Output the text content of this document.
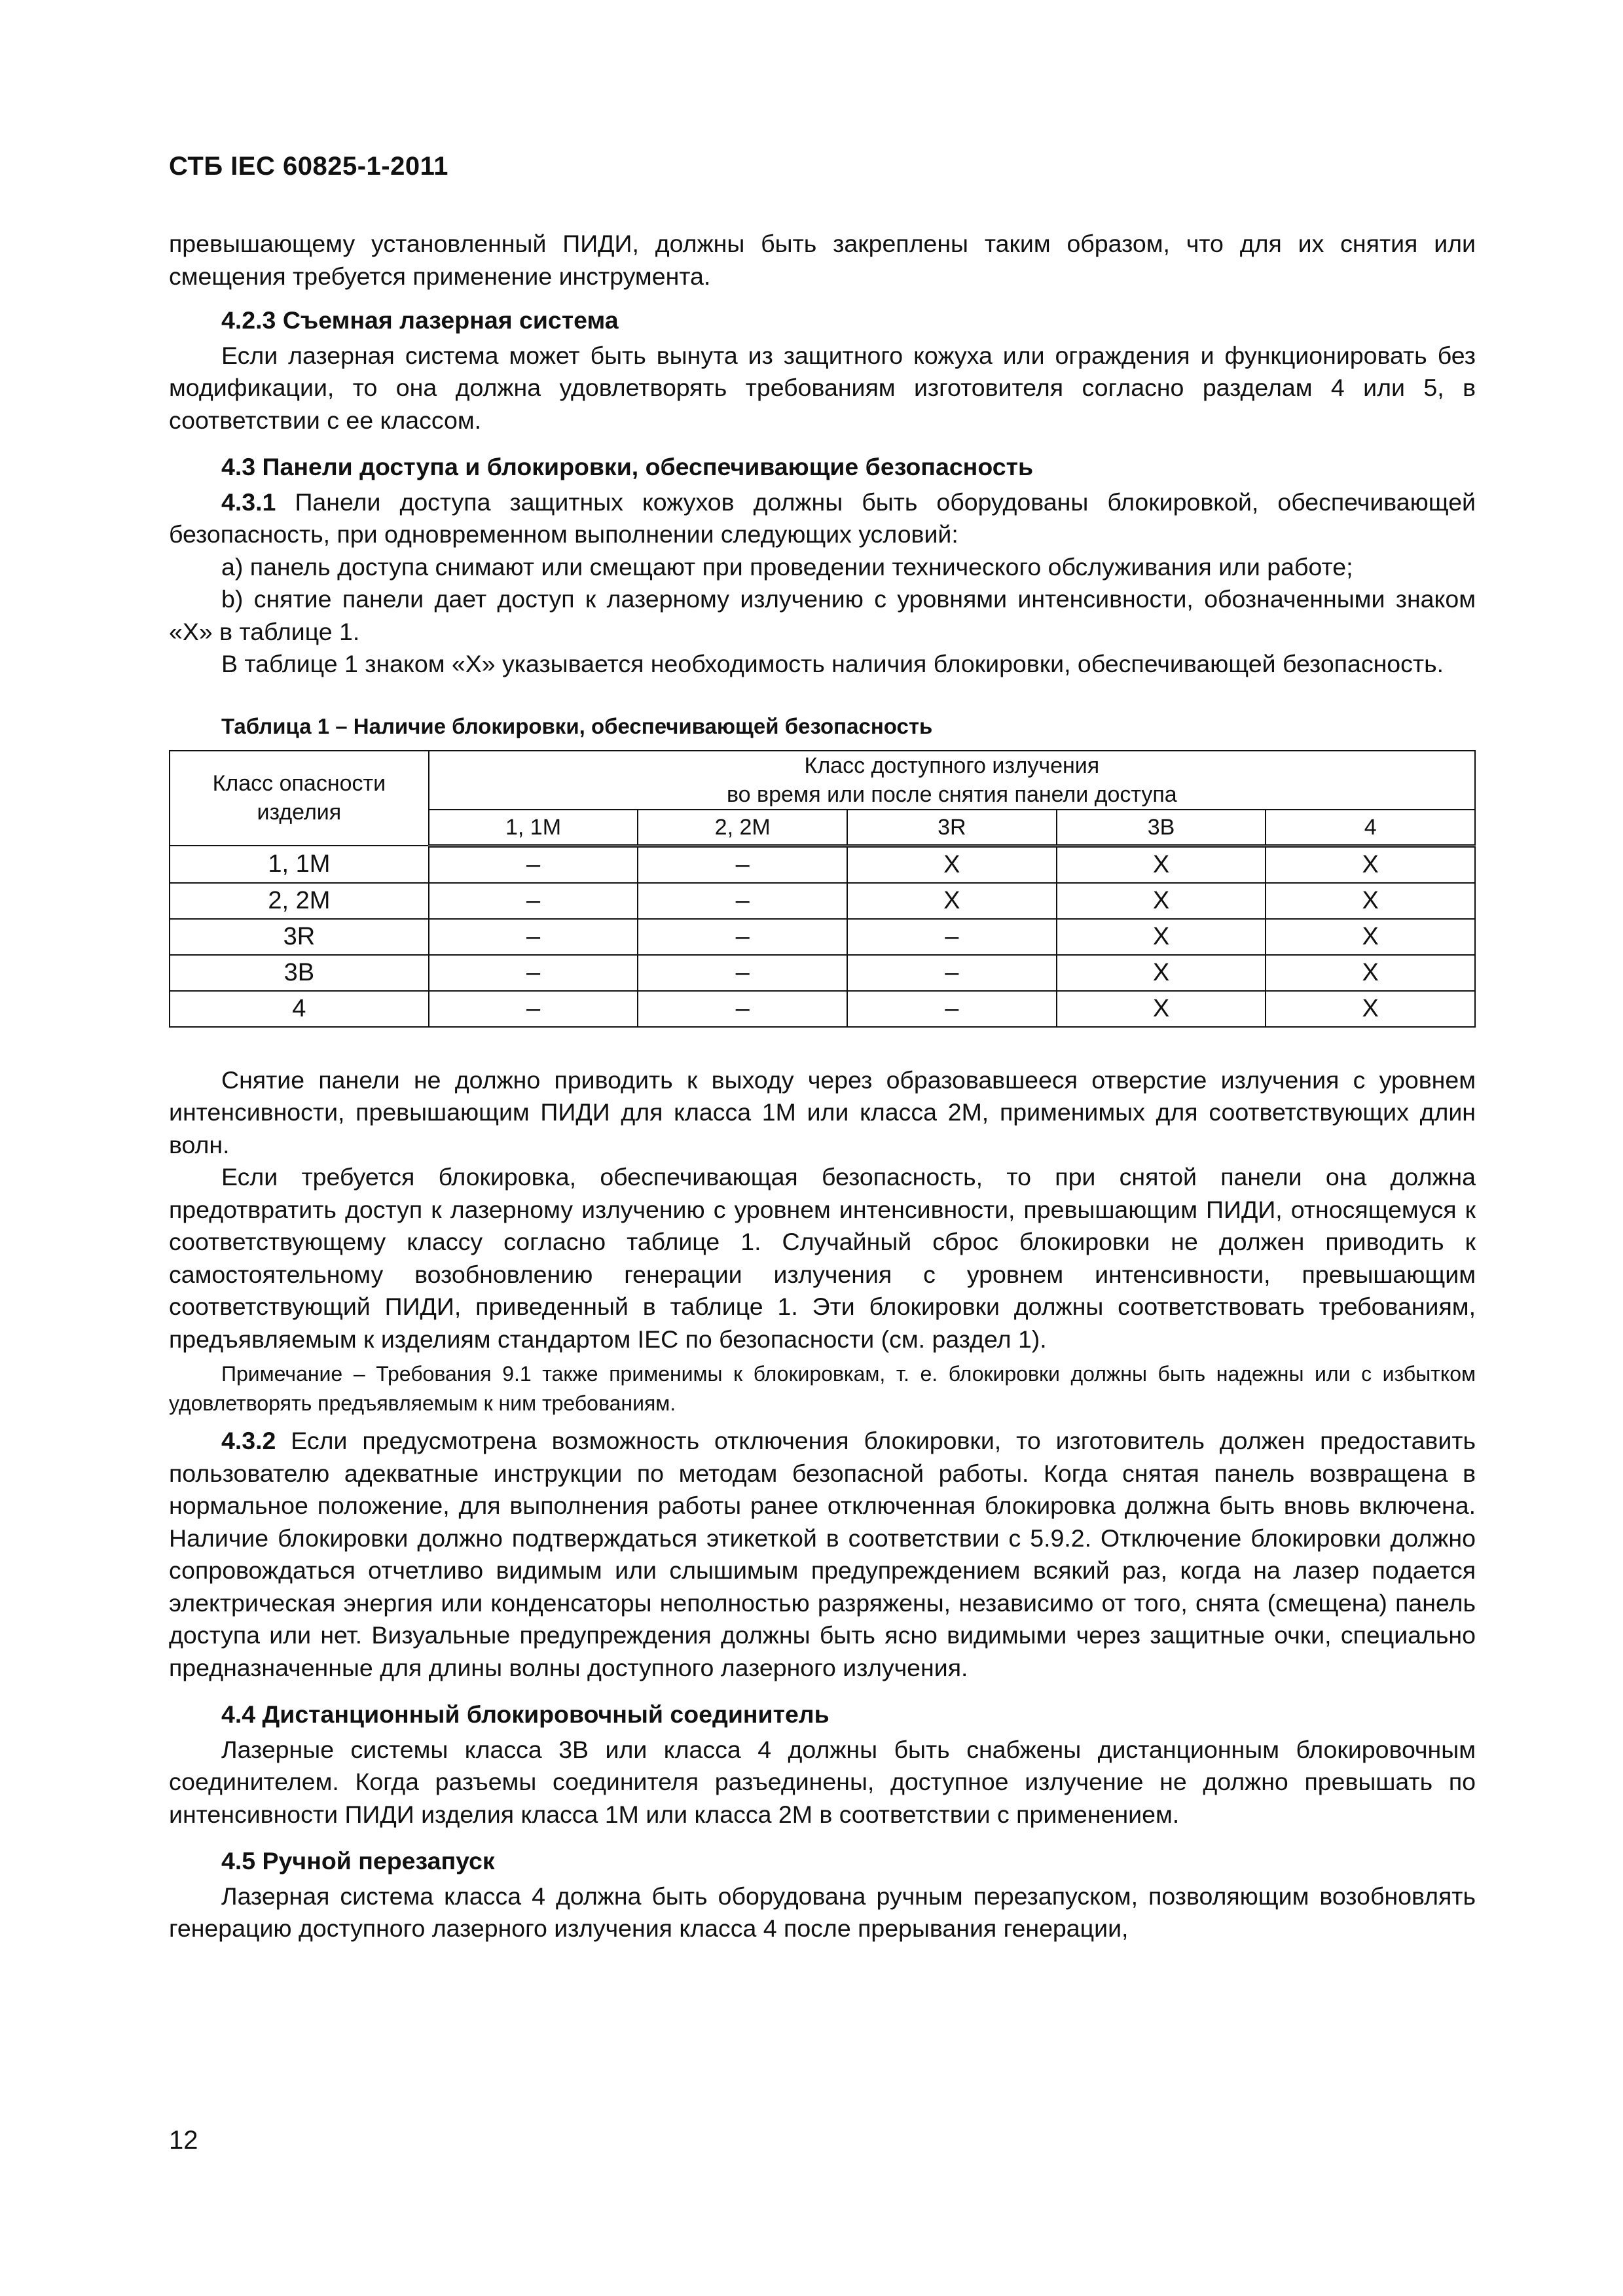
СТБ IEC 60825-1-2011

превышающему установленный ПИДИ, должны быть закреплены таким образом, что для их снятия или смещения требуется применение инструмента.

4.2.3 Съемная лазерная система

Если лазерная система может быть вынута из защитного кожуха или ограждения и функционировать без модификации, то она должна удовлетворять требованиям изготовителя согласно разделам 4 или 5, в соответствии с ее классом.

4.3 Панели доступа и блокировки, обеспечивающие безопасность

4.3.1 Панели доступа защитных кожухов должны быть оборудованы блокировкой, обеспечивающей безопасность, при одновременном выполнении следующих условий:

a) панель доступа снимают или смещают при проведении технического обслуживания или работе;

b) снятие панели дает доступ к лазерному излучению с уровнями интенсивности, обозначенными знаком «X» в таблице 1.

В таблице 1 знаком «X» указывается необходимость наличия блокировки, обеспечивающей безопасность.

Таблица 1 – Наличие блокировки, обеспечивающей безопасность
Класс опасности изделия	Класс доступного излучения
во время или после снятия панели доступа				

	1, 1M	2, 2M	3R	3B	4
1, 1M	–	–	X	X	X
2, 2M	–	–	X	X	X
3R	–	–	–	X	X
3B	–	–	–	X	X
4	–	–	–	X	X

Снятие панели не должно приводить к выходу через образовавшееся отверстие излучения с уровнем интенсивности, превышающим ПИДИ для класса 1M или класса 2M, применимых для соответствующих длин волн.

Если требуется блокировка, обеспечивающая безопасность, то при снятой панели она должна предотвратить доступ к лазерному излучению с уровнем интенсивности, превышающим ПИДИ, относящемуся к соответствующему классу согласно таблице 1. Случайный сброс блокировки не должен приводить к самостоятельному возобновлению генерации излучения с уровнем интенсивности, превышающим соответствующий ПИДИ, приведенный в таблице 1. Эти блокировки должны соответствовать требованиям, предъявляемым к изделиям стандартом IEC по безопасности (см. раздел 1).

Примечание – Требования 9.1 также применимы к блокировкам, т. е. блокировки должны быть надежны или с избытком удовлетворять предъявляемым к ним требованиям.

4.3.2 Если предусмотрена возможность отключения блокировки, то изготовитель должен предоставить пользователю адекватные инструкции по методам безопасной работы. Когда снятая панель возвращена в нормальное положение, для выполнения работы ранее отключенная блокировка должна быть вновь включена. Наличие блокировки должно подтверждаться этикеткой в соответствии с 5.9.2. Отключение блокировки должно сопровождаться отчетливо видимым или слышимым предупреждением всякий раз, когда на лазер подается электрическая энергия или конденсаторы неполностью разряжены, независимо от того, снята (смещена) панель доступа или нет. Визуальные предупреждения должны быть ясно видимыми через защитные очки, специально предназначенные для длины волны доступного лазерного излучения.

4.4 Дистанционный блокировочный соединитель

Лазерные системы класса 3B или класса 4 должны быть снабжены дистанционным блокировочным соединителем. Когда разъемы соединителя разъединены, доступное излучение не должно превышать по интенсивности ПИДИ изделия класса 1M или класса 2M в соответствии с применением.

4.5 Ручной перезапуск

Лазерная система класса 4 должна быть оборудована ручным перезапуском, позволяющим возобновлять генерацию доступного лазерного излучения класса 4 после прерывания генерации,

12
